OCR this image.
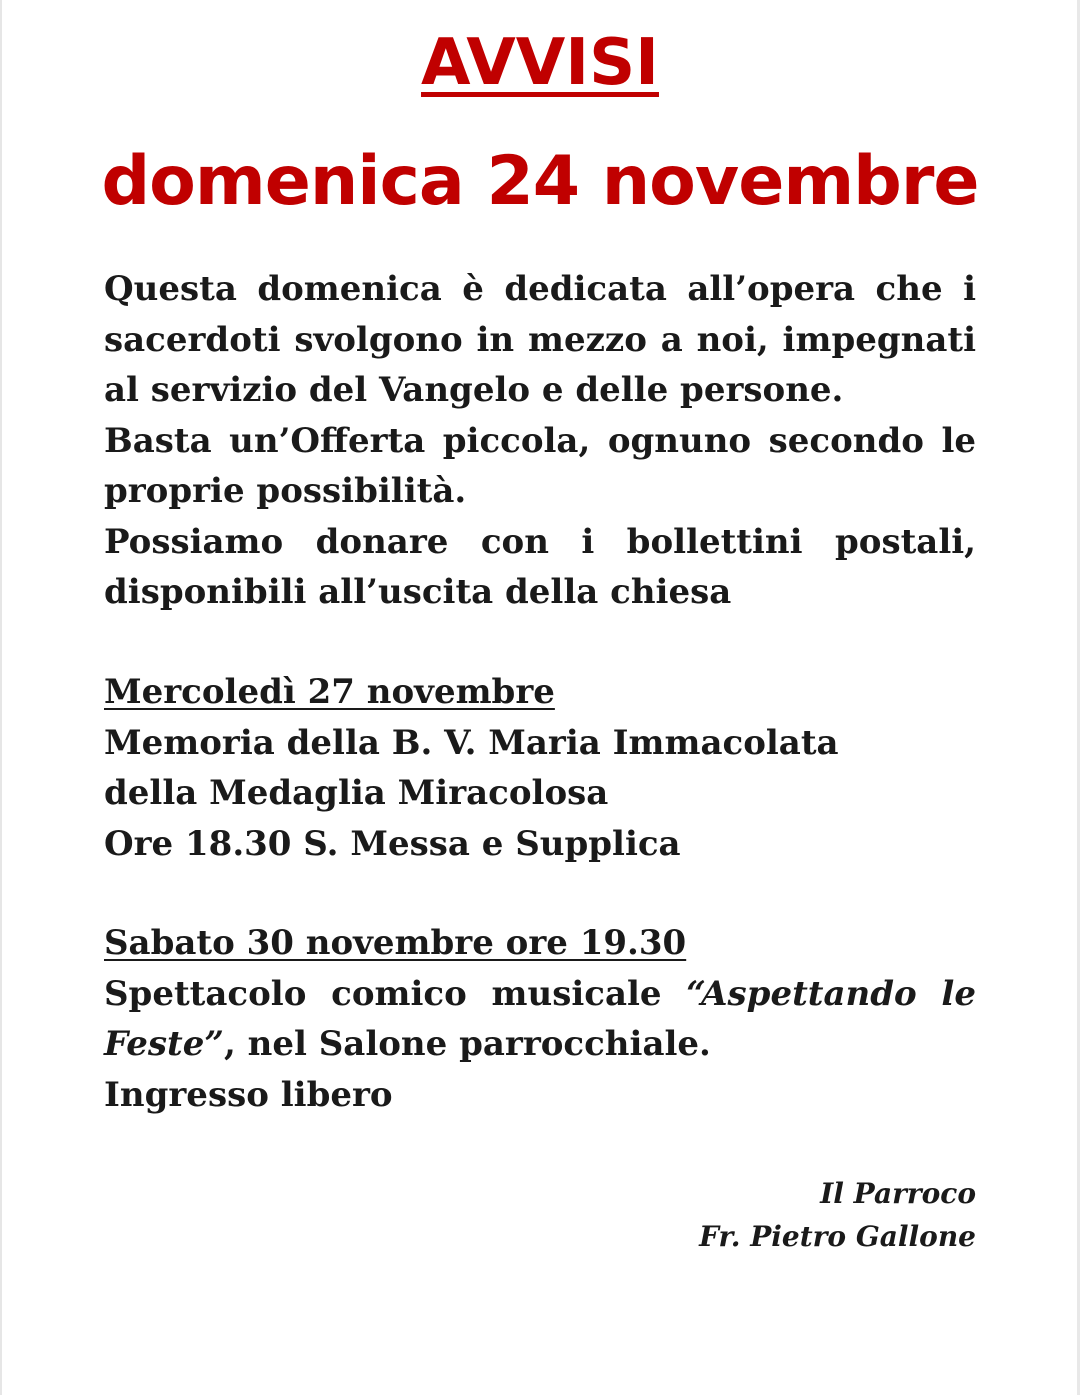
AVVISI
domenica 24 novembre
Questa domenica è dedicata all’opera che i sacerdoti svolgono in mezzo a noi, impegnati al servizio del Vangelo e delle persone.
Basta un’Offerta piccola, ognuno secondo le proprie possibilità.
Possiamo donare con i bollettini postali, disponibili all’uscita della chiesa
Mercoledì 27 novembre
Memoria della B. V. Maria Immacolata
della Medaglia Miracolosa
Ore 18.30 S. Messa e Supplica
Sabato 30 novembre ore 19.30
Spettacolo comico musicale “Aspettando le Feste”, nel Salone parrocchiale.
Ingresso libero
Il Parroco
Fr. Pietro Gallone
